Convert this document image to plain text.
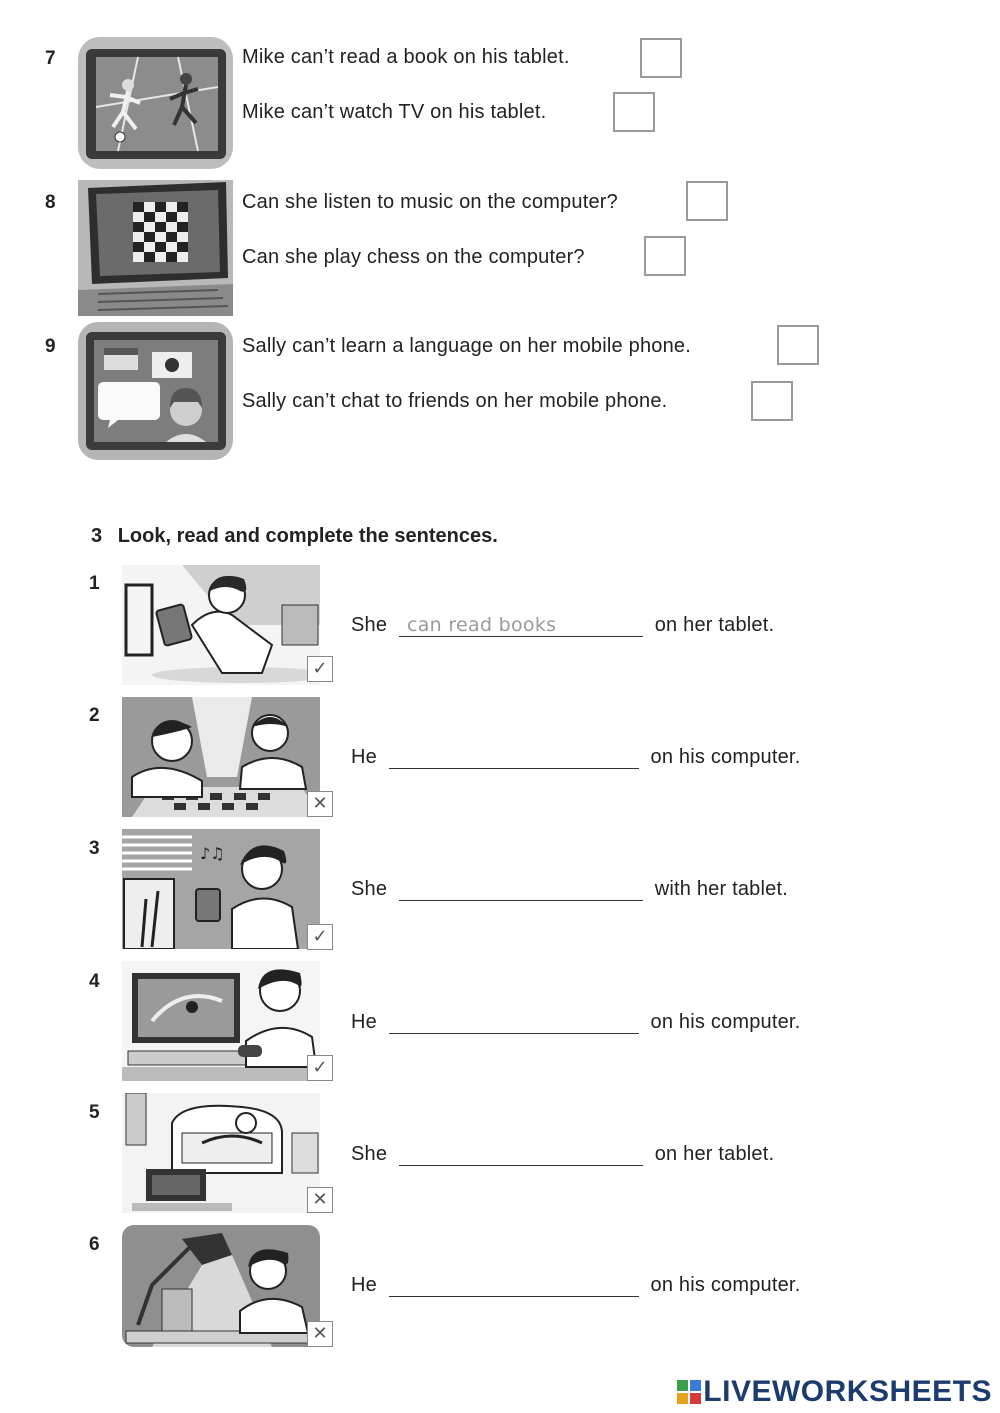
7	Mike can’t read a book on his tablet.
Mike can’t watch TV on his tablet.
8	Can she listen to music on the computer?
Can she play chess on the computer?
9	Sally can’t learn a language on her mobile phone.
Sally can’t chat to friends on her mobile phone.
3 Look, read and complete the sentences.
1
✓
She can read books	on her tablet.
2
✕
He	on his computer.
3	♪♫
✓
She	with her tablet.
4
✓
He	on his computer.
5
✕
She	on her tablet.
6
✕
He	on his computer.
LIVEWORKSHEETS
